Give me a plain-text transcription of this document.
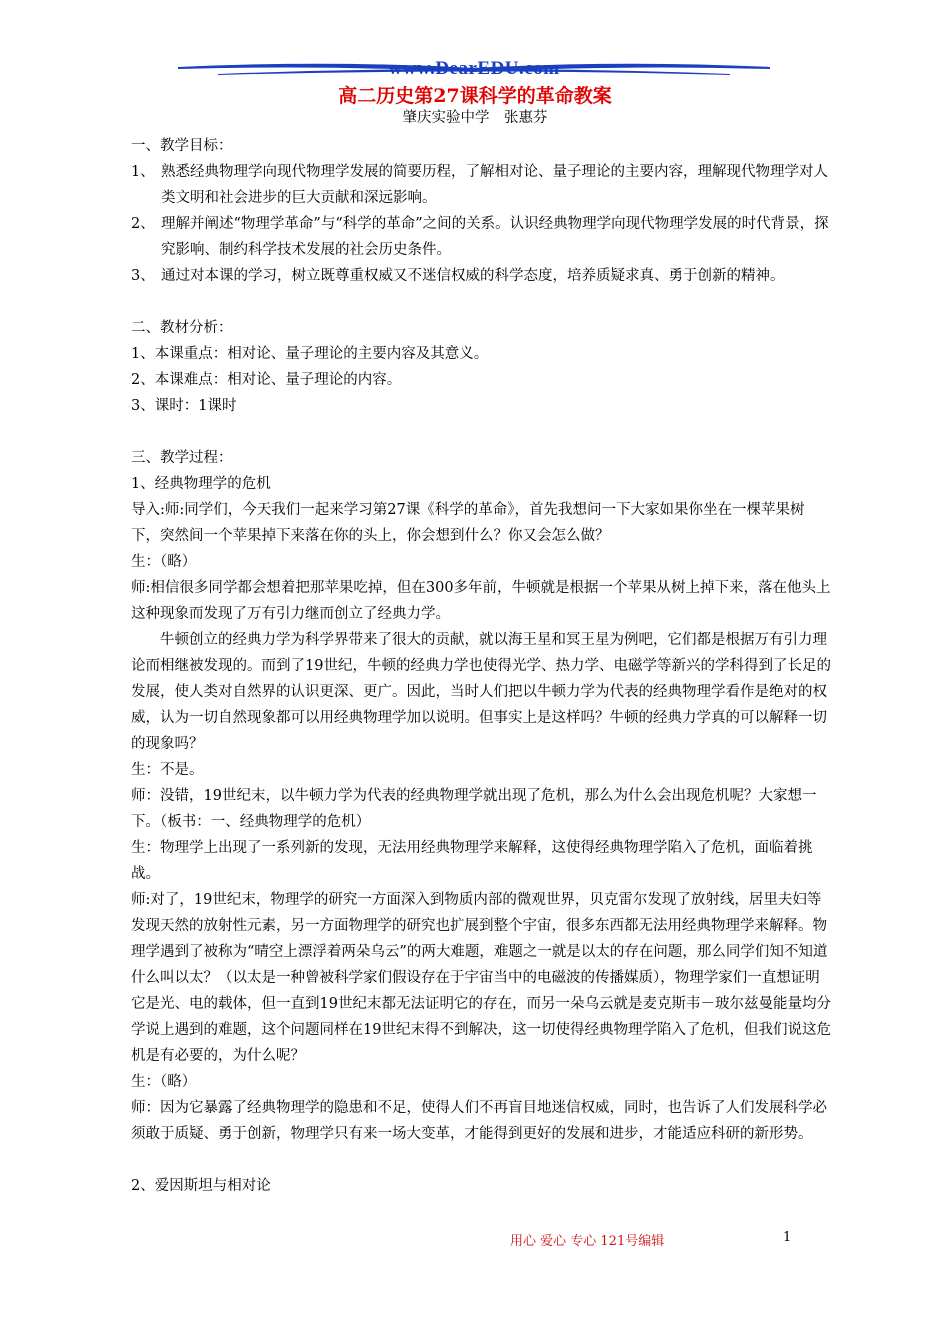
www.DearEDU.com
高二历史第27课科学的革命教案
肇庆实验中学　张惠芬

一、教学目标：

1、 熟悉经典物理学向现代物理学发展的简要历程，了解相对论、量子理论的主要内容，理解现代物理学对人类文明和社会进步的巨大贡献和深远影响。
2、 理解并阐述“物理学革命”与“科学的革命”之间的关系。认识经典物理学向现代物理学发展的时代背景，探究影响、制约科学技术发展的社会历史条件。
3、 通过对本课的学习，树立既尊重权威又不迷信权威的科学态度，培养质疑求真、勇于创新的精神。

二、教材分析：

1、本课重点：相对论、量子理论的主要内容及其意义。

2、本课难点：相对论、量子理论的内容。

3、课时：1课时

三、教学过程：

1、经典物理学的危机

导入:师:同学们，今天我们一起来学习第27课《科学的革命》，首先我想问一下大家如果你坐在一棵苹果树下，突然间一个苹果掉下来落在你的头上，你会想到什么？你又会怎么做？

生：（略）

师:相信很多同学都会想着把那苹果吃掉，但在300多年前，牛顿就是根据一个苹果从树上掉下来，落在他头上这种现象而发现了万有引力继而创立了经典力学。

牛顿创立的经典力学为科学界带来了很大的贡献，就以海王星和冥王星为例吧，它们都是根据万有引力理论而相继被发现的。而到了19世纪，牛顿的经典力学也使得光学、热力学、电磁学等新兴的学科得到了长足的发展，使人类对自然界的认识更深、更广。因此，当时人们把以牛顿力学为代表的经典物理学看作是绝对的权威，认为一切自然现象都可以用经典物理学加以说明。但事实上是这样吗？牛顿的经典力学真的可以解释一切的现象吗？

生：不是。

师：没错，19世纪末，以牛顿力学为代表的经典物理学就出现了危机，那么为什么会出现危机呢？大家想一下。（板书：一、经典物理学的危机）

生：物理学上出现了一系列新的发现，无法用经典物理学来解释，这使得经典物理学陷入了危机，面临着挑战。

师:对了，19世纪末，物理学的研究一方面深入到物质内部的微观世界，贝克雷尔发现了放射线，居里夫妇等发现天然的放射性元素，另一方面物理学的研究也扩展到整个宇宙，很多东西都无法用经典物理学来解释。物理学遇到了被称为“晴空上漂浮着两朵乌云”的两大难题，难题之一就是以太的存在问题，那么同学们知不知道什么叫以太？（以太是一种曾被科学家们假设存在于宇宙当中的电磁波的传播媒质），物理学家们一直想证明它是光、电的载体，但一直到19世纪末都无法证明它的存在，而另一朵乌云就是麦克斯韦－玻尔兹曼能量均分学说上遇到的难题，这个问题同样在19世纪末得不到解决，这一切使得经典物理学陷入了危机，但我们说这危机是有必要的，为什么呢？

生：（略）

师：因为它暴露了经典物理学的隐患和不足，使得人们不再盲目地迷信权威，同时，也告诉了人们发展科学必须敢于质疑、勇于创新，物理学只有来一场大变革，才能得到更好的发展和进步，才能适应科研的新形势。

2、爱因斯坦与相对论

用心 爱心 专心 121号编辑	1
